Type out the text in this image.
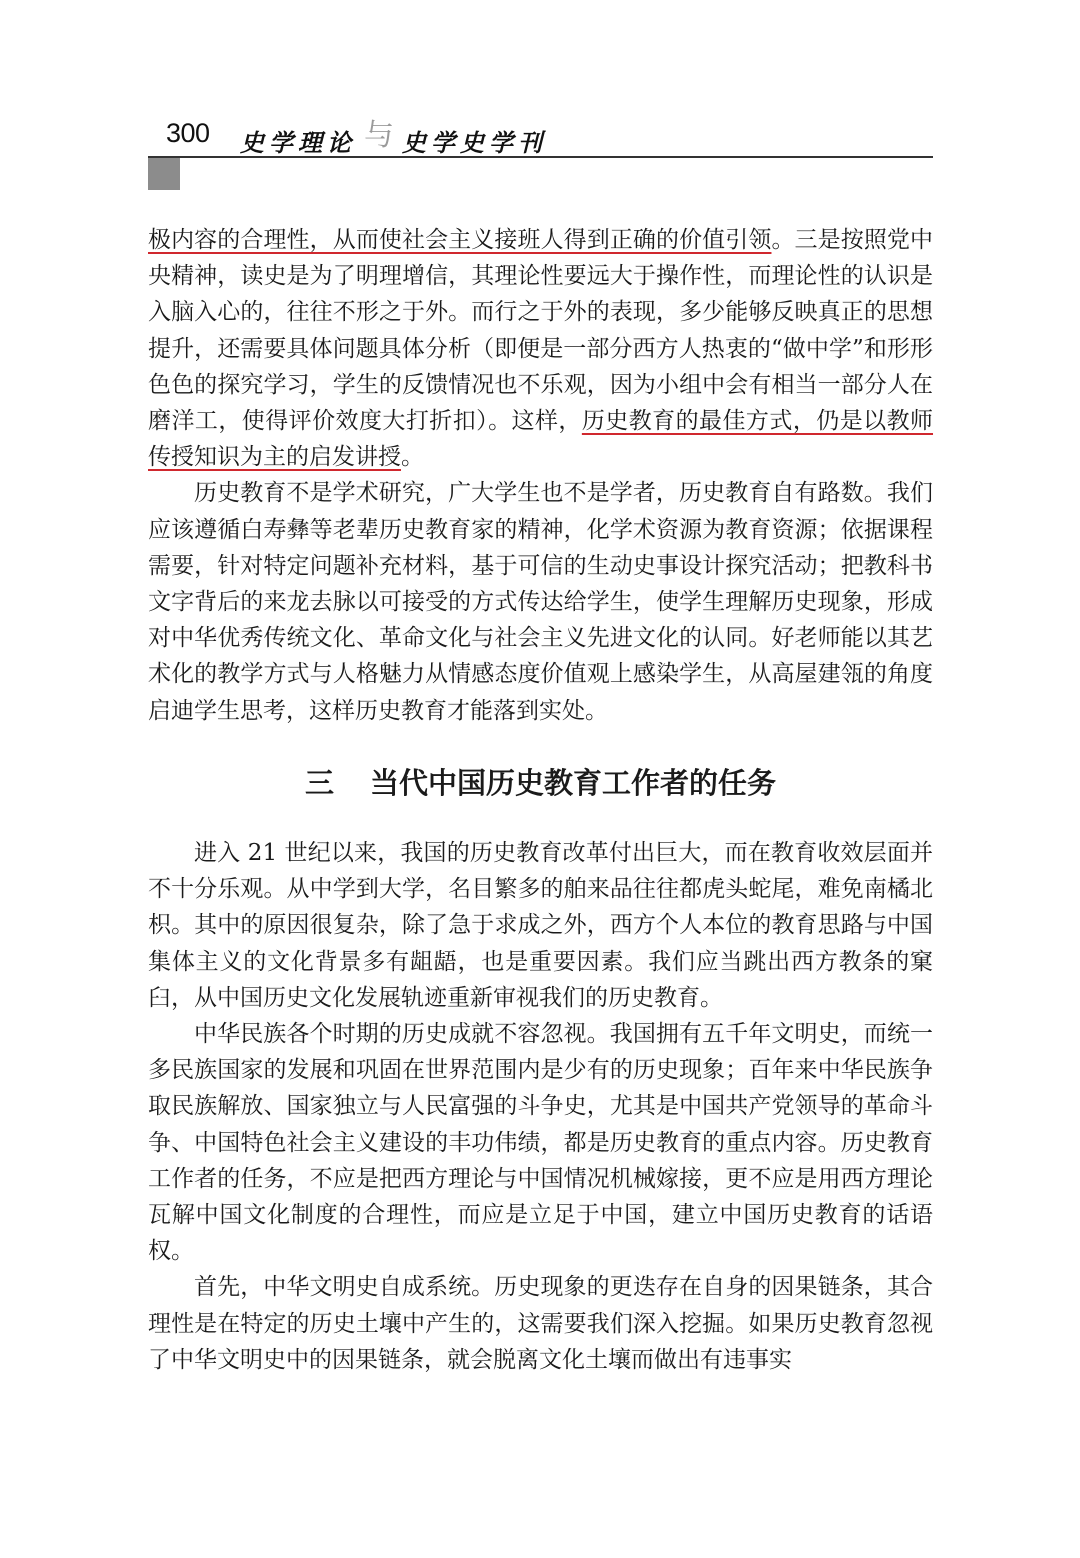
300 史学理论 与 史学史学刊

极内容的合理性，从而使社会主义接班人得到正确的价值引领。三是按照党中央精神，读史是为了明理增信，其理论性要远大于操作性，而理论性的认识是入脑入心的，往往不形之于外。而行之于外的表现，多少能够反映真正的思想提升，还需要具体问题具体分析（即便是一部分西方人热衷的“做中学”和形形色色的探究学习，学生的反馈情况也不乐观，因为小组中会有相当一部分人在磨洋工，使得评价效度大打折扣）。这样，历史教育的最佳方式，仍是以教师传授知识为主的启发讲授。

历史教育不是学术研究，广大学生也不是学者，历史教育自有路数。我们应该遵循白寿彝等老辈历史教育家的精神，化学术资源为教育资源；依据课程需要，针对特定问题补充材料，基于可信的生动史事设计探究活动；把教科书文字背后的来龙去脉以可接受的方式传达给学生，使学生理解历史现象，形成对中华优秀传统文化、革命文化与社会主义先进文化的认同。好老师能以其艺术化的教学方式与人格魅力从情感态度价值观上感染学生，从高屋建瓴的角度启迪学生思考，这样历史教育才能落到实处。

三 当代中国历史教育工作者的任务

进入 21 世纪以来，我国的历史教育改革付出巨大，而在教育收效层面并不十分乐观。从中学到大学，名目繁多的舶来品往往都虎头蛇尾，难免南橘北枳。其中的原因很复杂，除了急于求成之外，西方个人本位的教育思路与中国集体主义的文化背景多有龃龉，也是重要因素。我们应当跳出西方教条的窠臼，从中国历史文化发展轨迹重新审视我们的历史教育。

中华民族各个时期的历史成就不容忽视。我国拥有五千年文明史，而统一多民族国家的发展和巩固在世界范围内是少有的历史现象；百年来中华民族争取民族解放、国家独立与人民富强的斗争史，尤其是中国共产党领导的革命斗争、中国特色社会主义建设的丰功伟绩，都是历史教育的重点内容。历史教育工作者的任务，不应是把西方理论与中国情况机械嫁接，更不应是用西方理论瓦解中国文化制度的合理性，而应是立足于中国，建立中国历史教育的话语权。

首先，中华文明史自成系统。历史现象的更迭存在自身的因果链条，其合理性是在特定的历史土壤中产生的，这需要我们深入挖掘。如果历史教育忽视了中华文明史中的因果链条，就会脱离文化土壤而做出有违事实
